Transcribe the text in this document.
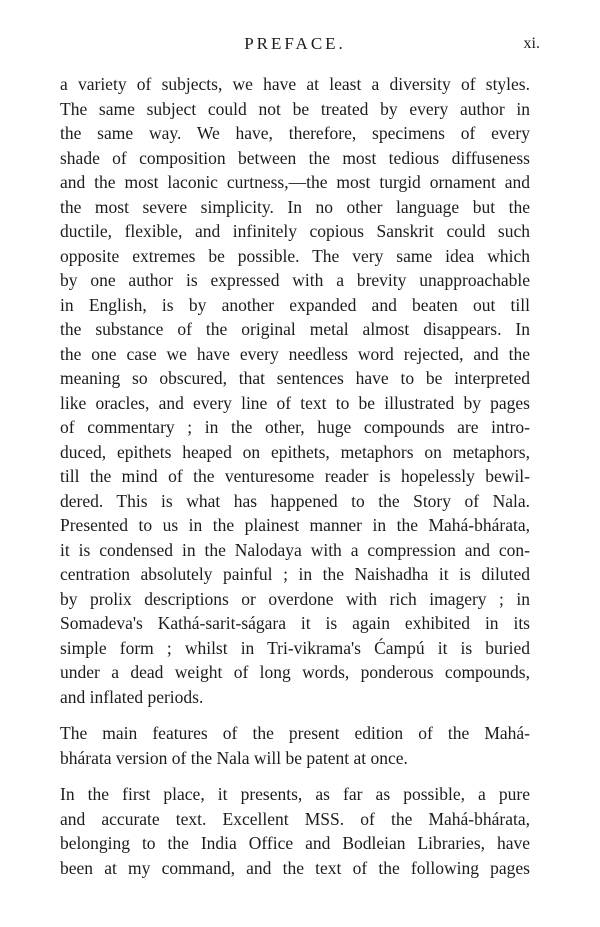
PREFACE.	xi.
a variety of subjects, we have at least a diversity of styles.
The same subject could not be treated by every author in
the same way. We have, therefore, specimens of every
shade of composition between the most tedious diffuseness
and the most laconic curtness,—the most turgid ornament and
the most severe simplicity. In no other language but the
ductile, flexible, and infinitely copious Sanskrit could such
opposite extremes be possible. The very same idea which
by one author is expressed with a brevity unapproachable
in English, is by another expanded and beaten out till
the substance of the original metal almost disappears. In
the one case we have every needless word rejected, and the
meaning so obscured, that sentences have to be interpreted
like oracles, and every line of text to be illustrated by pages
of commentary ; in the other, huge compounds are intro-
duced, epithets heaped on epithets, metaphors on metaphors,
till the mind of the venturesome reader is hopelessly bewil-
dered. This is what has happened to the Story of Nala.
Presented to us in the plainest manner in the Mahá-bhárata,
it is condensed in the Nalodaya with a compression and con-
centration absolutely painful ; in the Naishadha it is diluted
by prolix descriptions or overdone with rich imagery ; in
Somadeva's Kathá-sarit-ságara it is again exhibited in its
simple form ; whilst in Tri-vikrama's Ćampú it is buried
under a dead weight of long words, ponderous compounds,
and inflated periods.
The main features of the present edition of the Mahá-
bhárata version of the Nala will be patent at once.
In the first place, it presents, as far as possible, a pure
and accurate text. Excellent MSS. of the Mahá-bhárata,
belonging to the India Office and Bodleian Libraries, have
been at my command, and the text of the following pages
